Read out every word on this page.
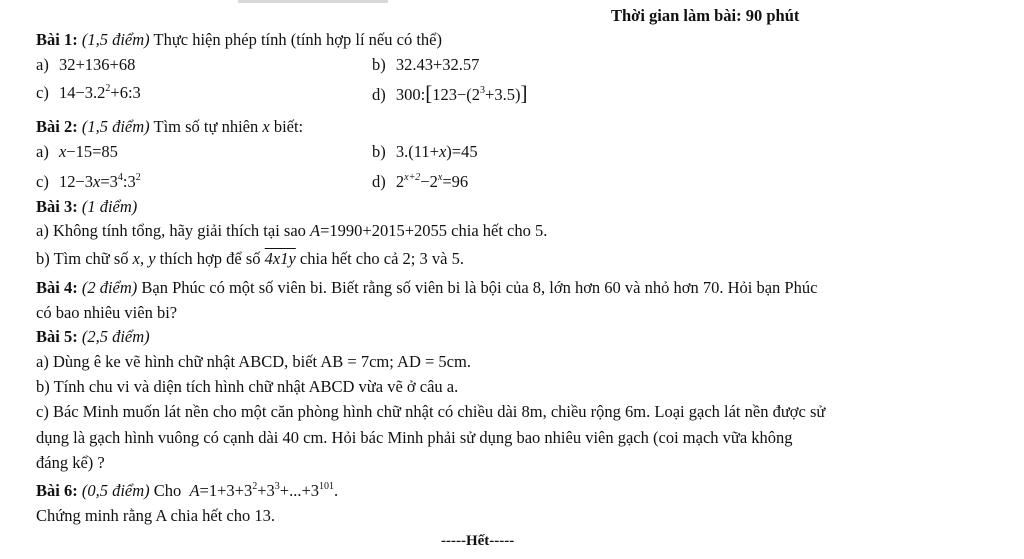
Thời gian làm bài: 90 phút
Bài 1: (1,5 điểm) Thực hiện phép tính (tính hợp lí nếu có thể)
a) 32+136+68	b) 32.43+32.57
c) $14-3.2^2+6:3$	d) $300:[123-(2^3+3.5)]$
Bài 2: (1,5 điểm) Tìm số tự nhiên x biết:
a) x−15=85	b) 3.(11+x)=45
c) $12-3x=3^4:3^2$	d) $2^{x+2}-2^x=96$
Bài 3: (1 điểm)
a) Không tính tổng, hãy giải thích tại sao A=1990+2015+2055 chia hết cho 5.
b) Tìm chữ số x, y thích hợp để số 4x1y chia hết cho cả 2; 3 và 5.
Bài 4: (2 điểm) Bạn Phúc có một số viên bi. Biết rằng số viên bi là bội của 8, lớn hơn 60 và nhỏ hơn 70. Hỏi bạn Phúc
có bao nhiêu viên bi?
Bài 5: (2,5 điểm)
a) Dùng ê ke vẽ hình chữ nhật ABCD, biết AB = 7cm; AD = 5cm.
b) Tính chu vi và diện tích hình chữ nhật ABCD vừa vẽ ở câu a.
c) Bác Minh muốn lát nền cho một căn phòng hình chữ nhật có chiều dài 8m, chiều rộng 6m. Loại gạch lát nền được sử
dụng là gạch hình vuông có cạnh dài 40 cm. Hỏi bác Minh phải sử dụng bao nhiêu viên gạch (coi mạch vữa không
đáng kể) ?
Bài 6: (0,5 điểm) Cho $A=1+3+3^2+3^3+...+3^{101}$.
Chứng minh rằng A chia hết cho 13.
-----Hết-----
